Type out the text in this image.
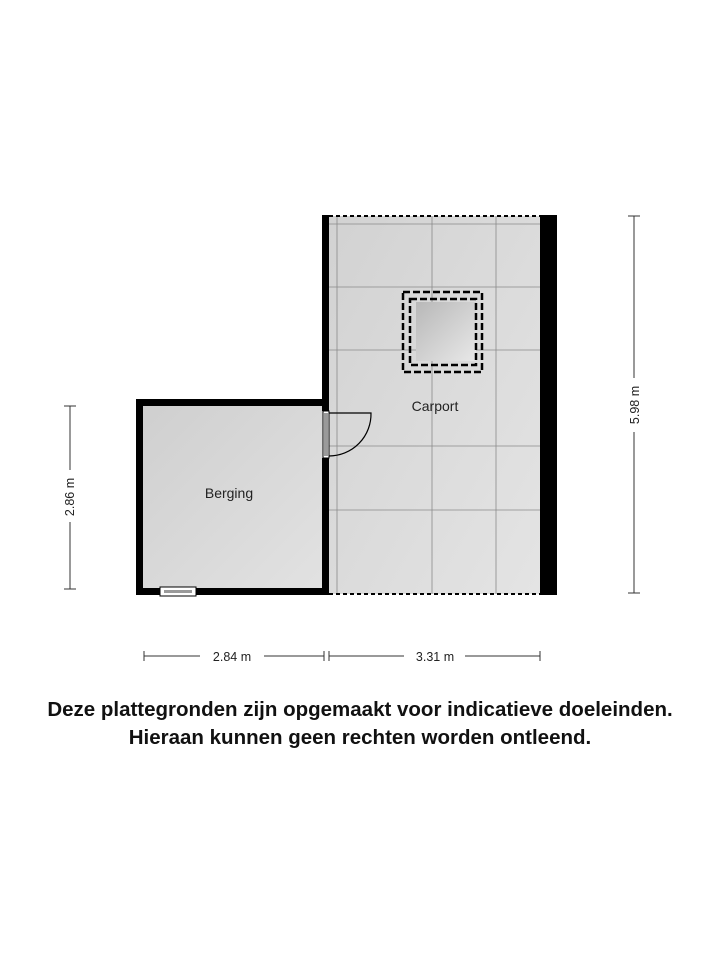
Carport
Berging
2.86 m
5.98 m
2.84 m	3.31 m
Deze plattegronden zijn opgemaakt voor indicatieve doeleinden.
Hieraan kunnen geen rechten worden ontleend.
